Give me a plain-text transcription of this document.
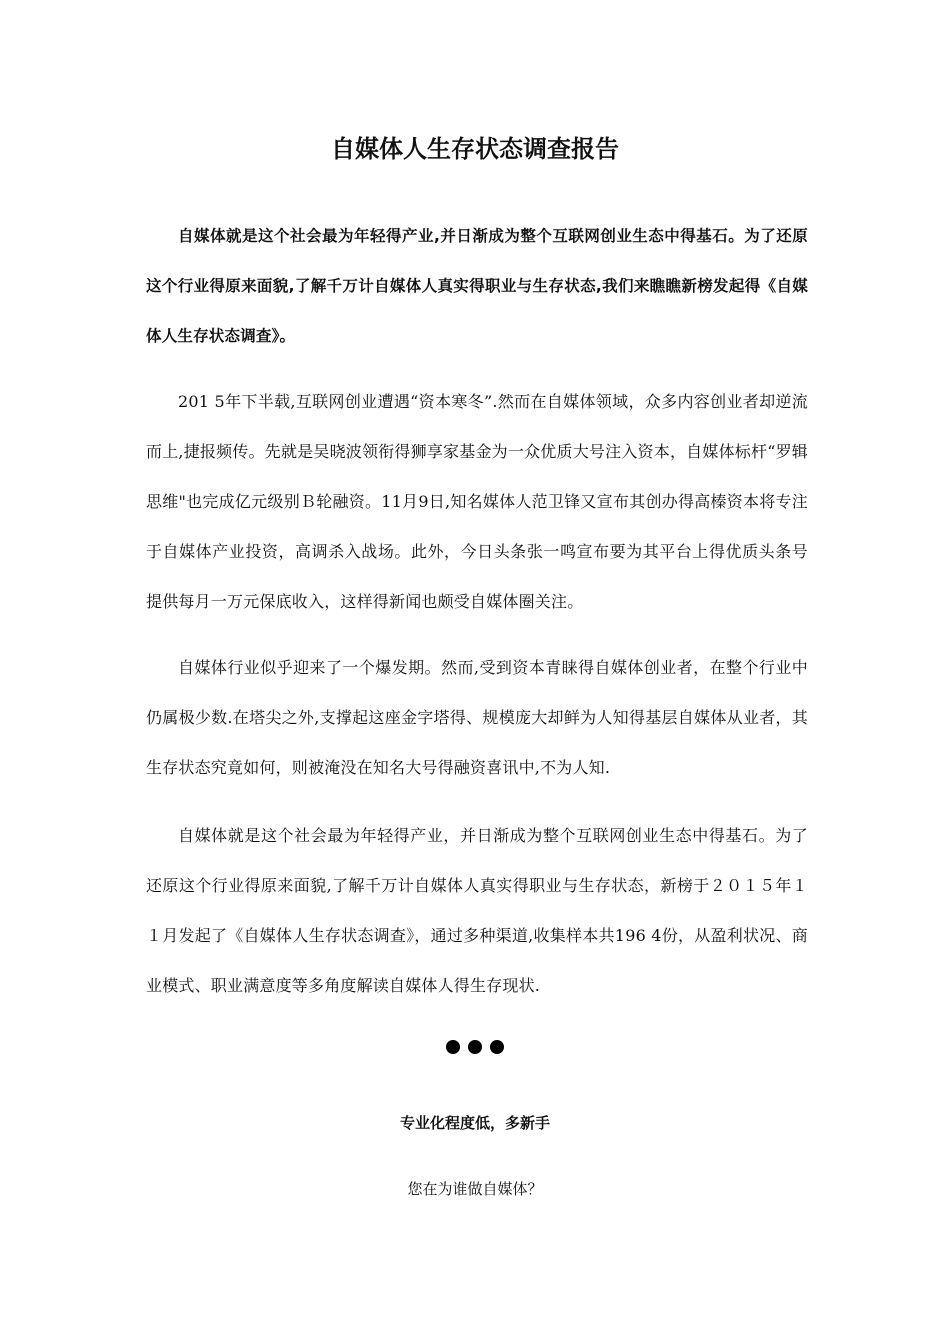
自媒体人生存状态调查报告

自媒体就是这个社会最为年轻得产业,并日渐成为整个互联网创业生态中得基石。为了还原这个行业得原来面貌,了解千万计自媒体人真实得职业与生存状态,我们来瞧瞧新榜发起得《自媒体人生存状态调查》。

201 5年下半载,互联网创业遭遇“资本寒冬”.然而在自媒体领域，众多内容创业者却逆流而上,捷报频传。先就是吴晓波领衔得狮享家基金为一众优质大号注入资本，自媒体标杆“罗辑思维"也完成亿元级别Ｂ轮融资。11月9日,知名媒体人范卫锋又宣布其创办得高榛资本将专注于自媒体产业投资，高调杀入战场。此外，今日头条张一鸣宣布要为其平台上得优质头条号提供每月一万元保底收入，这样得新闻也颇受自媒体圈关注。

自媒体行业似乎迎来了一个爆发期。然而,受到资本青睐得自媒体创业者，在整个行业中仍属极少数.在塔尖之外,支撑起这座金字塔得、规模庞大却鲜为人知得基层自媒体从业者，其生存状态究竟如何，则被淹没在知名大号得融资喜讯中,不为人知.

自媒体就是这个社会最为年轻得产业，并日渐成为整个互联网创业生态中得基石。为了还原这个行业得原来面貌,了解千万计自媒体人真实得职业与生存状态，新榜于２０１５年１１月发起了《自媒体人生存状态调查》，通过多种渠道,收集样本共196 4份，从盈利状况、商业模式、职业满意度等多角度解读自媒体人得生存现状.

专业化程度低，多新手

您在为谁做自媒体？
